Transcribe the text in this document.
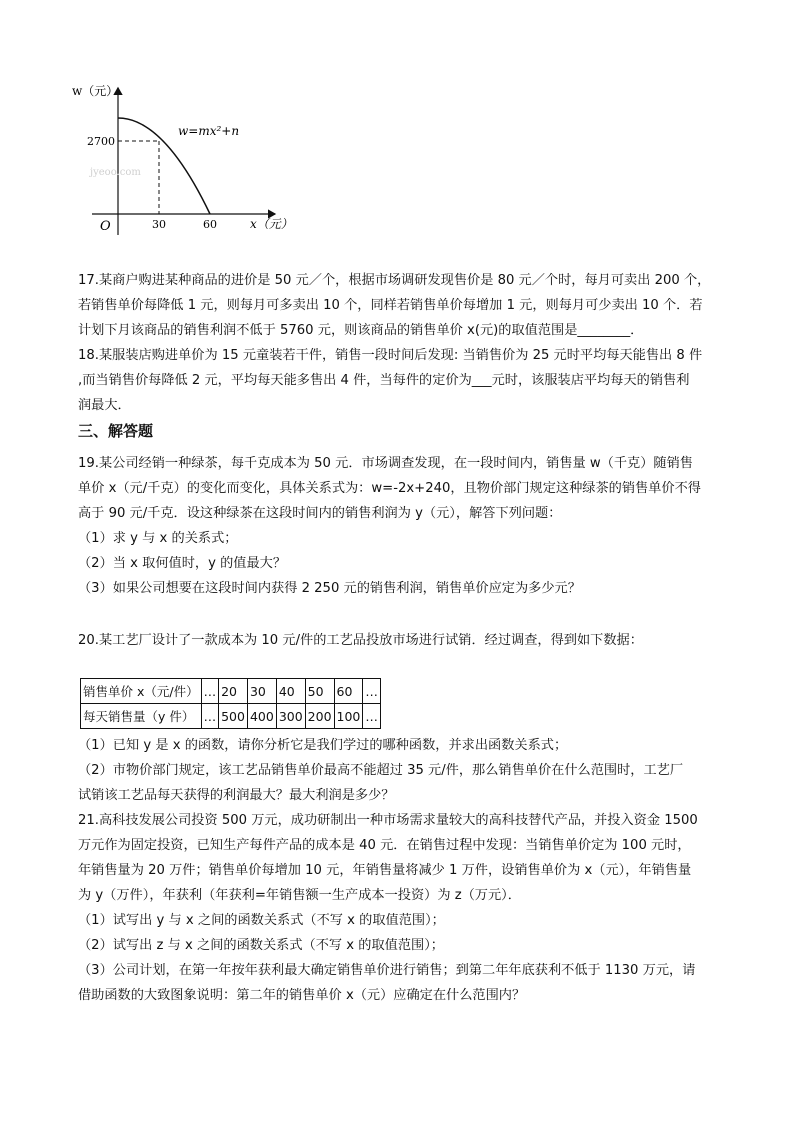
w（元）
2700
O	30	60	x（元）
w=mx²+n
jyeoo.com
17.某商户购进某种商品的进价是 50 元／个，根据市场调研发现售价是 80 元／个时，每月可卖出 200 个，
若销售单价每降低 1 元，则每月可多卖出 10 个，同样若销售单价每增加 1 元，则每月可少卖出 10 个．若
计划下月该商品的销售利润不低于 5760 元，则该商品的销售单价 x(元)的取值范围是________．
18.某服装店购进单价为 15 元童装若干件，销售一段时间后发现: 当销售价为 25 元时平均每天能售出 8 件
,而当销售价每降低 2 元，平均每天能多售出 4 件，当每件的定价为___元时，该服装店平均每天的销售利
润最大．
三、解答题
19.某公司经销一种绿茶，每千克成本为 50 元．市场调查发现，在一段时间内，销售量 w（千克）随销售
单价 x（元/千克）的变化而变化，具体关系式为：w=-2x+240，且物价部门规定这种绿茶的销售单价不得
高于 90 元/千克．设这种绿茶在这段时间内的销售利润为 y（元），解答下列问题：
（1）求 y 与 x 的关系式；
（2）当 x 取何值时，y 的值最大？
（3）如果公司想要在这段时间内获得 2 250 元的销售利润，销售单价应定为多少元？
20.某工艺厂设计了一款成本为 10 元/件的工艺品投放市场进行试销．经过调查，得到如下数据：
销售单价 x（元/件）	…	20	30	40	50	60	…
每天销售量（y 件）	…	500	400	300	200	100	…
（1）已知 y 是 x 的函数，请你分析它是我们学过的哪种函数，并求出函数关系式；
（2）市物价部门规定，该工艺品销售单价最高不能超过 35 元/件，那么销售单价在什么范围时，工艺厂
试销该工艺品每天获得的利润最大？最大利润是多少？
21.高科技发展公司投资 500 万元，成功研制出一种市场需求量较大的高科技替代产品，并投入资金 1500
万元作为固定投资，已知生产每件产品的成本是 40 元．在销售过程中发现：当销售单价定为 100 元时，
年销售量为 20 万件；销售单价每增加 10 元，年销售量将减少 1 万件，设销售单价为 x（元），年销售量
为 y（万件），年获利（年获利=年销售额一生产成本一投资）为 z（万元）．
（1）试写出 y 与 x 之间的函数关系式（不写 x 的取值范围）；
（2）试写出 z 与 x 之间的函数关系式（不写 x 的取值范围）；
（3）公司计划，在第一年按年获利最大确定销售单价进行销售；到第二年年底获利不低于 1130 万元，请
借助函数的大致图象说明：第二年的销售单价 x（元）应确定在什么范围内？
